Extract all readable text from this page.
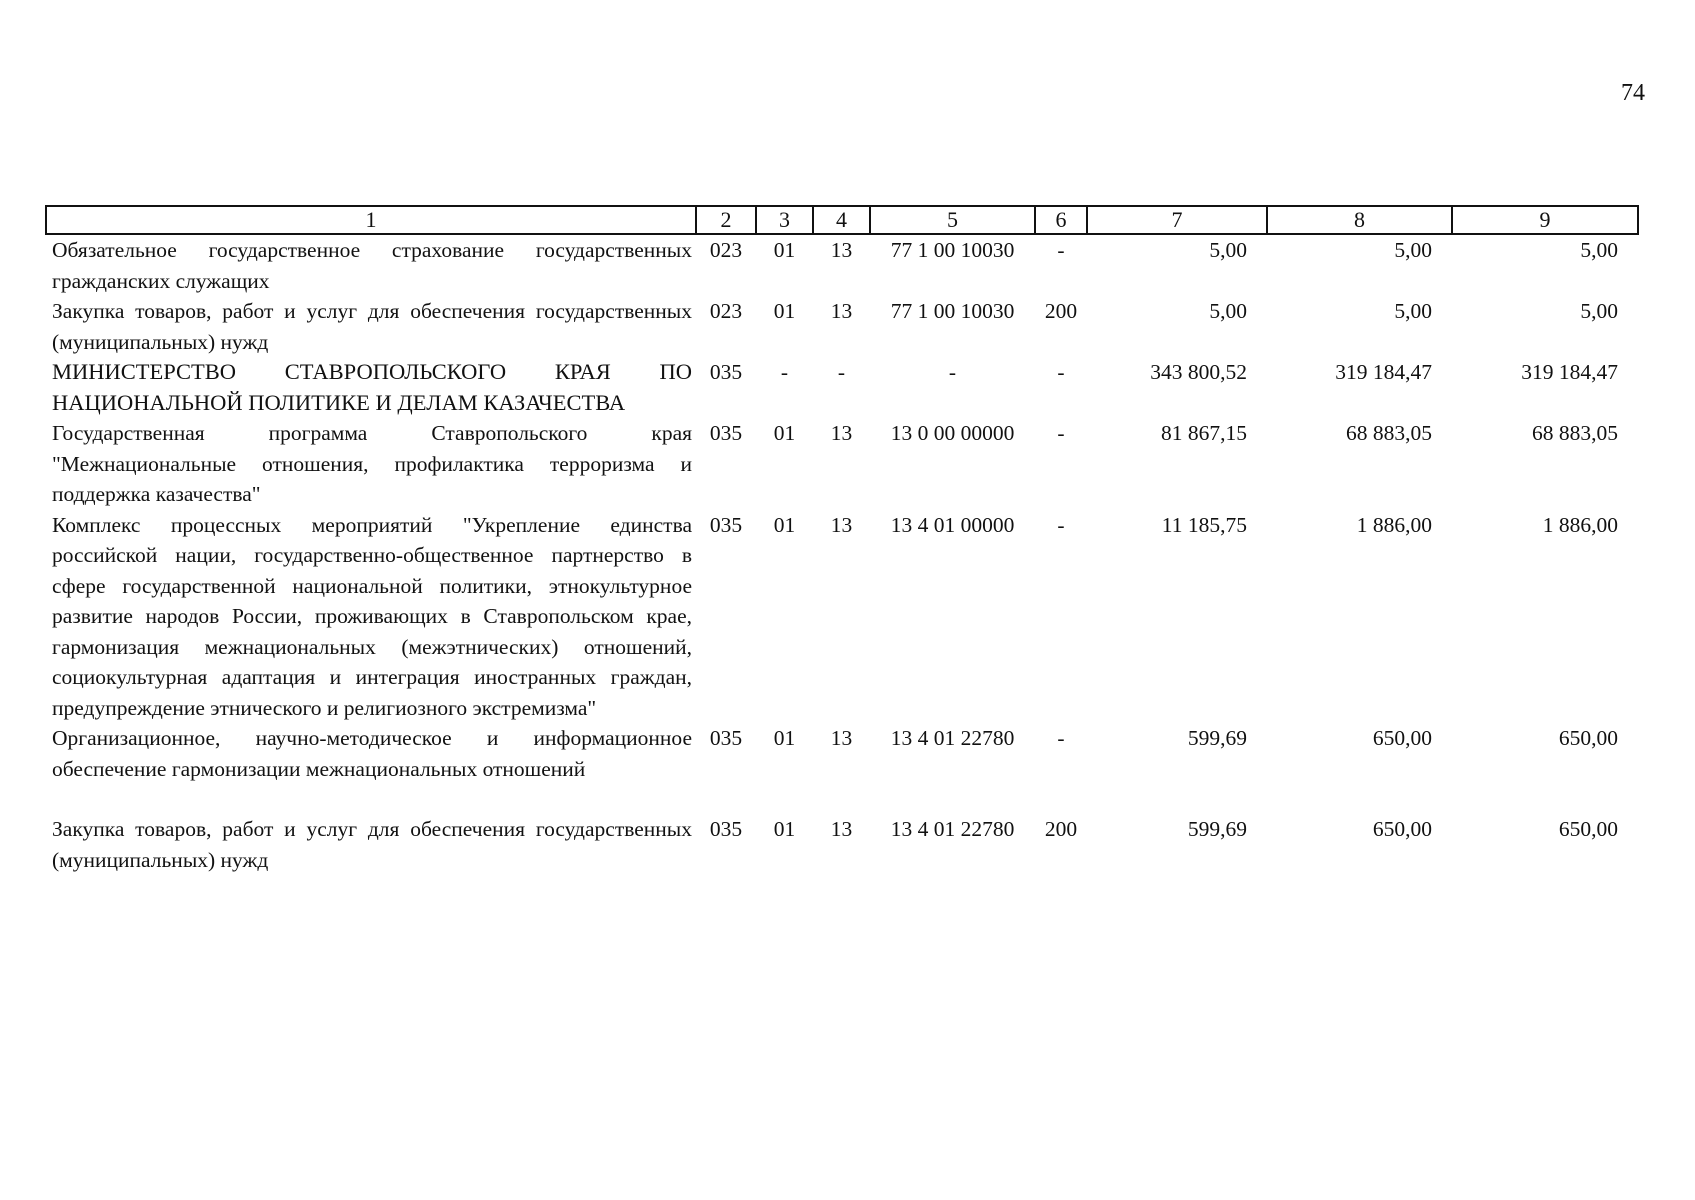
74
1	2	3	4	5	6	7	8	9
Обязательное государственное страхование государственных гражданских служащих	023	01	13	77 1 00 10030	-	5,00	5,00	5,00
Закупка товаров, работ и услуг для обеспечения государственных (муниципальных) нужд	023	01	13	77 1 00 10030	200	5,00	5,00	5,00
МИНИСТЕРСТВО СТАВРОПОЛЬСКОГО КРАЯ ПО НАЦИОНАЛЬНОЙ ПОЛИТИКЕ И ДЕЛАМ КАЗАЧЕСТВА	035	-	-	-	-	343 800,52	319 184,47	319 184,47
Государственная программа Ставропольского края "Межнациональные отношения, профилактика терроризма и поддержка казачества"	035	01	13	13 0 00 00000	-	81 867,15	68 883,05	68 883,05
Комплекс процессных мероприятий "Укрепление единства российской нации, государственно-общественное партнерство в сфере государственной национальной политики, этнокультурное развитие народов России, проживающих в Ставропольском крае, гармонизация межнациональных (межэтнических) отношений, социокультурная адаптация и интеграция иностранных граждан, предупреждение этнического и религиозного экстремизма"	035	01	13	13 4 01 00000	-	11 185,75	1 886,00	1 886,00
Организационное, научно-методическое и информационное обеспечение гармонизации межнациональных отношений	035	01	13	13 4 01 22780	-	599,69	650,00	650,00

Закупка товаров, работ и услуг для обеспечения государственных (муниципальных) нужд	035	01	13	13 4 01 22780	200	599,69	650,00	650,00
